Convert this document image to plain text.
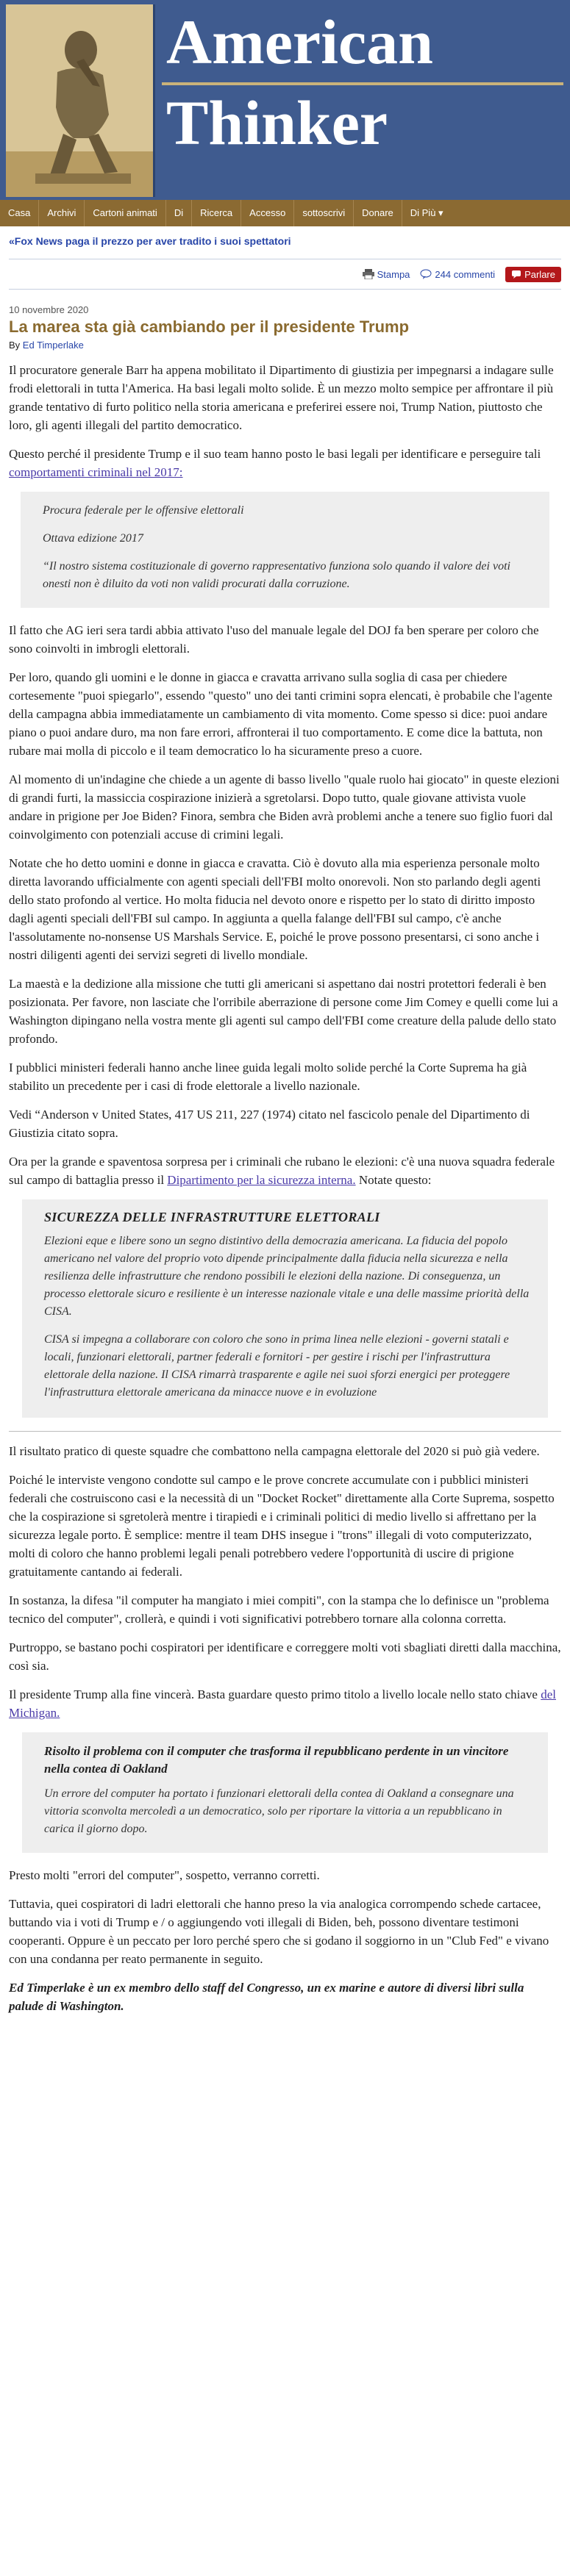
American
Thinker
Casa	Archivi	Cartoni animati	Di	Ricerca	Accesso	sottoscrivi	Donare	Di Più ▾
«Fox News paga il prezzo per aver tradito i suoi spettatori
Stampa	244 commenti	Parlare
10 novembre 2020
La marea sta già cambiando per il presidente Trump
By Ed Timperlake

Il procuratore generale Barr ha appena mobilitato il Dipartimento di giustizia per impegnarsi a indagare sulle frodi elettorali in tutta l'America. Ha basi legali molto solide. È un mezzo molto sempice per affrontare il più grande tentativo di furto politico nella storia americana e preferirei essere noi, Trump Nation, piuttosto che loro, gli agenti illegali del partito democratico.

Questo perché il presidente Trump e il suo team hanno posto le basi legali per identificare e perseguire tali comportamenti criminali nel 2017:

Procura federale per le offensive elettorali

Ottava edizione 2017

“Il nostro sistema costituzionale di governo rappresentativo funziona solo quando il valore dei voti onesti non è diluito da voti non validi procurati dalla corruzione.

Il fatto che AG ieri sera tardi abbia attivato l'uso del manuale legale del DOJ fa ben sperare per coloro che sono coinvolti in imbrogli elettorali.

Per loro, quando gli uomini e le donne in giacca e cravatta arrivano sulla soglia di casa per chiedere cortesemente "puoi spiegarlo", essendo "questo" uno dei tanti crimini sopra elencati, è probabile che l'agente della campagna abbia immediatamente un cambiamento di vita momento. Come spesso si dice: puoi andare piano o puoi andare duro, ma non fare errori, affronterai il tuo comportamento. E come dice la battuta, non rubare mai molla di piccolo e il team democratico lo ha sicuramente preso a cuore.

Al momento di un'indagine che chiede a un agente di basso livello "quale ruolo hai giocato" in queste elezioni di grandi furti, la massiccia cospirazione inizierà a sgretolarsi. Dopo tutto, quale giovane attivista vuole andare in prigione per Joe Biden? Finora, sembra che Biden avrà problemi anche a tenere suo figlio fuori dal coinvolgimento con potenziali accuse di crimini legali.

Notate che ho detto uomini e donne in giacca e cravatta. Ciò è dovuto alla mia esperienza personale molto diretta lavorando ufficialmente con agenti speciali dell'FBI molto onorevoli. Non sto parlando degli agenti dello stato profondo al vertice. Ho molta fiducia nel devoto onore e rispetto per lo stato di diritto imposto dagli agenti speciali dell'FBI sul campo. In aggiunta a quella falange dell'FBI sul campo, c'è anche l'assolutamente no-nonsense US Marshals Service. E, poiché le prove possono presentarsi, ci sono anche i nostri diligenti agenti dei servizi segreti di livello mondiale.

La maestà e la dedizione alla missione che tutti gli americani si aspettano dai nostri protettori federali è ben posizionata. Per favore, non lasciate che l'orribile aberrazione di persone come Jim Comey e quelli come lui a Washington dipingano nella vostra mente gli agenti sul campo dell'FBI come creature della palude dello stato profondo.

I pubblici ministeri federali hanno anche linee guida legali molto solide perché la Corte Suprema ha già stabilito un precedente per i casi di frode elettorale a livello nazionale.

Vedi “Anderson v United States, 417 US 211, 227 (1974) citato nel fascicolo penale del Dipartimento di Giustizia citato sopra.

Ora per la grande e spaventosa sorpresa per i criminali che rubano le elezioni: c'è una nuova squadra federale sul campo di battaglia presso il Dipartimento per la sicurezza interna. Notate questo:

SICUREZZA DELLE INFRASTRUTTURE ELETTORALI

Elezioni eque e libere sono un segno distintivo della democrazia americana. La fiducia del popolo americano nel valore del proprio voto dipende principalmente dalla fiducia nella sicurezza e nella resilienza delle infrastrutture che rendono possibili le elezioni della nazione. Di conseguenza, un processo elettorale sicuro e resiliente è un interesse nazionale vitale e una delle massime priorità della CISA.

CISA si impegna a collaborare con coloro che sono in prima linea nelle elezioni - governi statali e locali, funzionari elettorali, partner federali e fornitori - per gestire i rischi per l'infrastruttura elettorale della nazione. Il CISA rimarrà trasparente e agile nei suoi sforzi energici per proteggere l'infrastruttura elettorale americana da minacce nuove e in evoluzione

Il risultato pratico di queste squadre che combattono nella campagna elettorale del 2020 si può già vedere.

Poiché le interviste vengono condotte sul campo e le prove concrete accumulate con i pubblici ministeri federali che costruiscono casi e la necessità di un "Docket Rocket" direttamente alla Corte Suprema, sospetto che la cospirazione si sgretolerà mentre i tirapiedi e i criminali politici di medio livello si affrettano per la sicurezza legale porto. È semplice: mentre il team DHS insegue i "trons" illegali di voto computerizzato, molti di coloro che hanno problemi legali penali potrebbero vedere l'opportunità di uscire di prigione gratuitamente cantando ai federali.

In sostanza, la difesa "il computer ha mangiato i miei compiti", con la stampa che lo definisce un "problema tecnico del computer", crollerà, e quindi i voti significativi potrebbero tornare alla colonna corretta.

Purtroppo, se bastano pochi cospiratori per identificare e correggere molti voti sbagliati diretti dalla macchina, così sia.

Il presidente Trump alla fine vincerà. Basta guardare questo primo titolo a livello locale nello stato chiave del Michigan.

Risolto il problema con il computer che trasforma il repubblicano perdente in un vincitore nella contea di Oakland

Un errore del computer ha portato i funzionari elettorali della contea di Oakland a consegnare una vittoria sconvolta mercoledì a un democratico, solo per riportare la vittoria a un repubblicano in carica il giorno dopo.

Presto molti "errori del computer", sospetto, verranno corretti.

Tuttavia, quei cospiratori di ladri elettorali che hanno preso la via analogica corrompendo schede cartacee, buttando via i voti di Trump e / o aggiungendo voti illegali di Biden, beh, possono diventare testimoni cooperanti. Oppure è un peccato per loro perché spero che si godano il soggiorno in un "Club Fed" e vivano con una condanna per reato permanente in seguito.

Ed Timperlake è un ex membro dello staff del Congresso, un ex marine e autore di diversi libri sulla palude di Washington.
